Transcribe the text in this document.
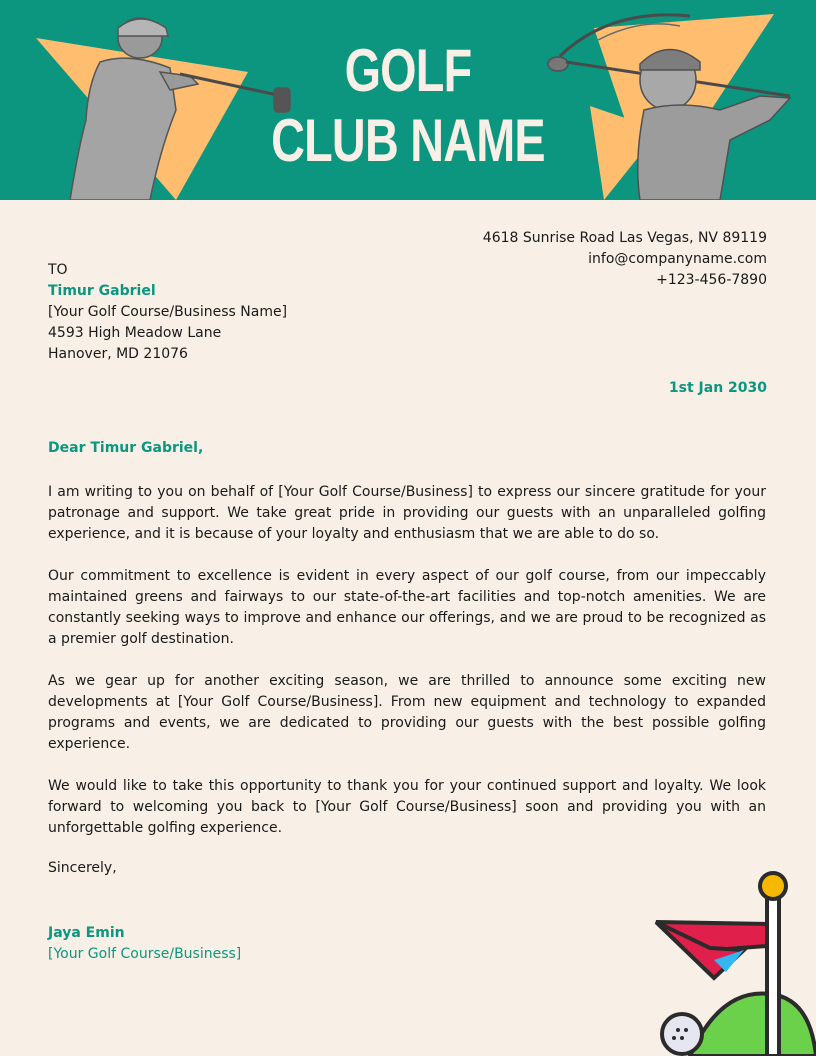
GOLF
CLUB NAME
4618 Sunrise Road Las Vegas, NV 89119
info@companyname.com
+123-456-7890
TO
Timur Gabriel
[Your Golf Course/Business Name]
4593 High Meadow Lane
Hanover, MD 21076
1st Jan 2030
Dear Timur Gabriel,

I am writing to you on behalf of [Your Golf Course/Business] to express our sincere gratitude for your patronage and support. We take great pride in providing our guests with an unparalleled golfing experience, and it is because of your loyalty and enthusiasm that we are able to do so.

Our commitment to excellence is evident in every aspect of our golf course, from our impeccably maintained greens and fairways to our state-of-the-art facilities and top-notch amenities. We are constantly seeking ways to improve and enhance our offerings, and we are proud to be recognized as a premier golf destination.

As we gear up for another exciting season, we are thrilled to announce some exciting new developments at [Your Golf Course/Business]. From new equipment and technology to expanded programs and events, we are dedicated to providing our guests with the best possible golfing experience.

We would like to take this opportunity to thank you for your continued support and loyalty. We look forward to welcoming you back to [Your Golf Course/Business] soon and providing you with an unforgettable golfing experience.

Sincerely,
Jaya Emin
[Your Golf Course/Business]
